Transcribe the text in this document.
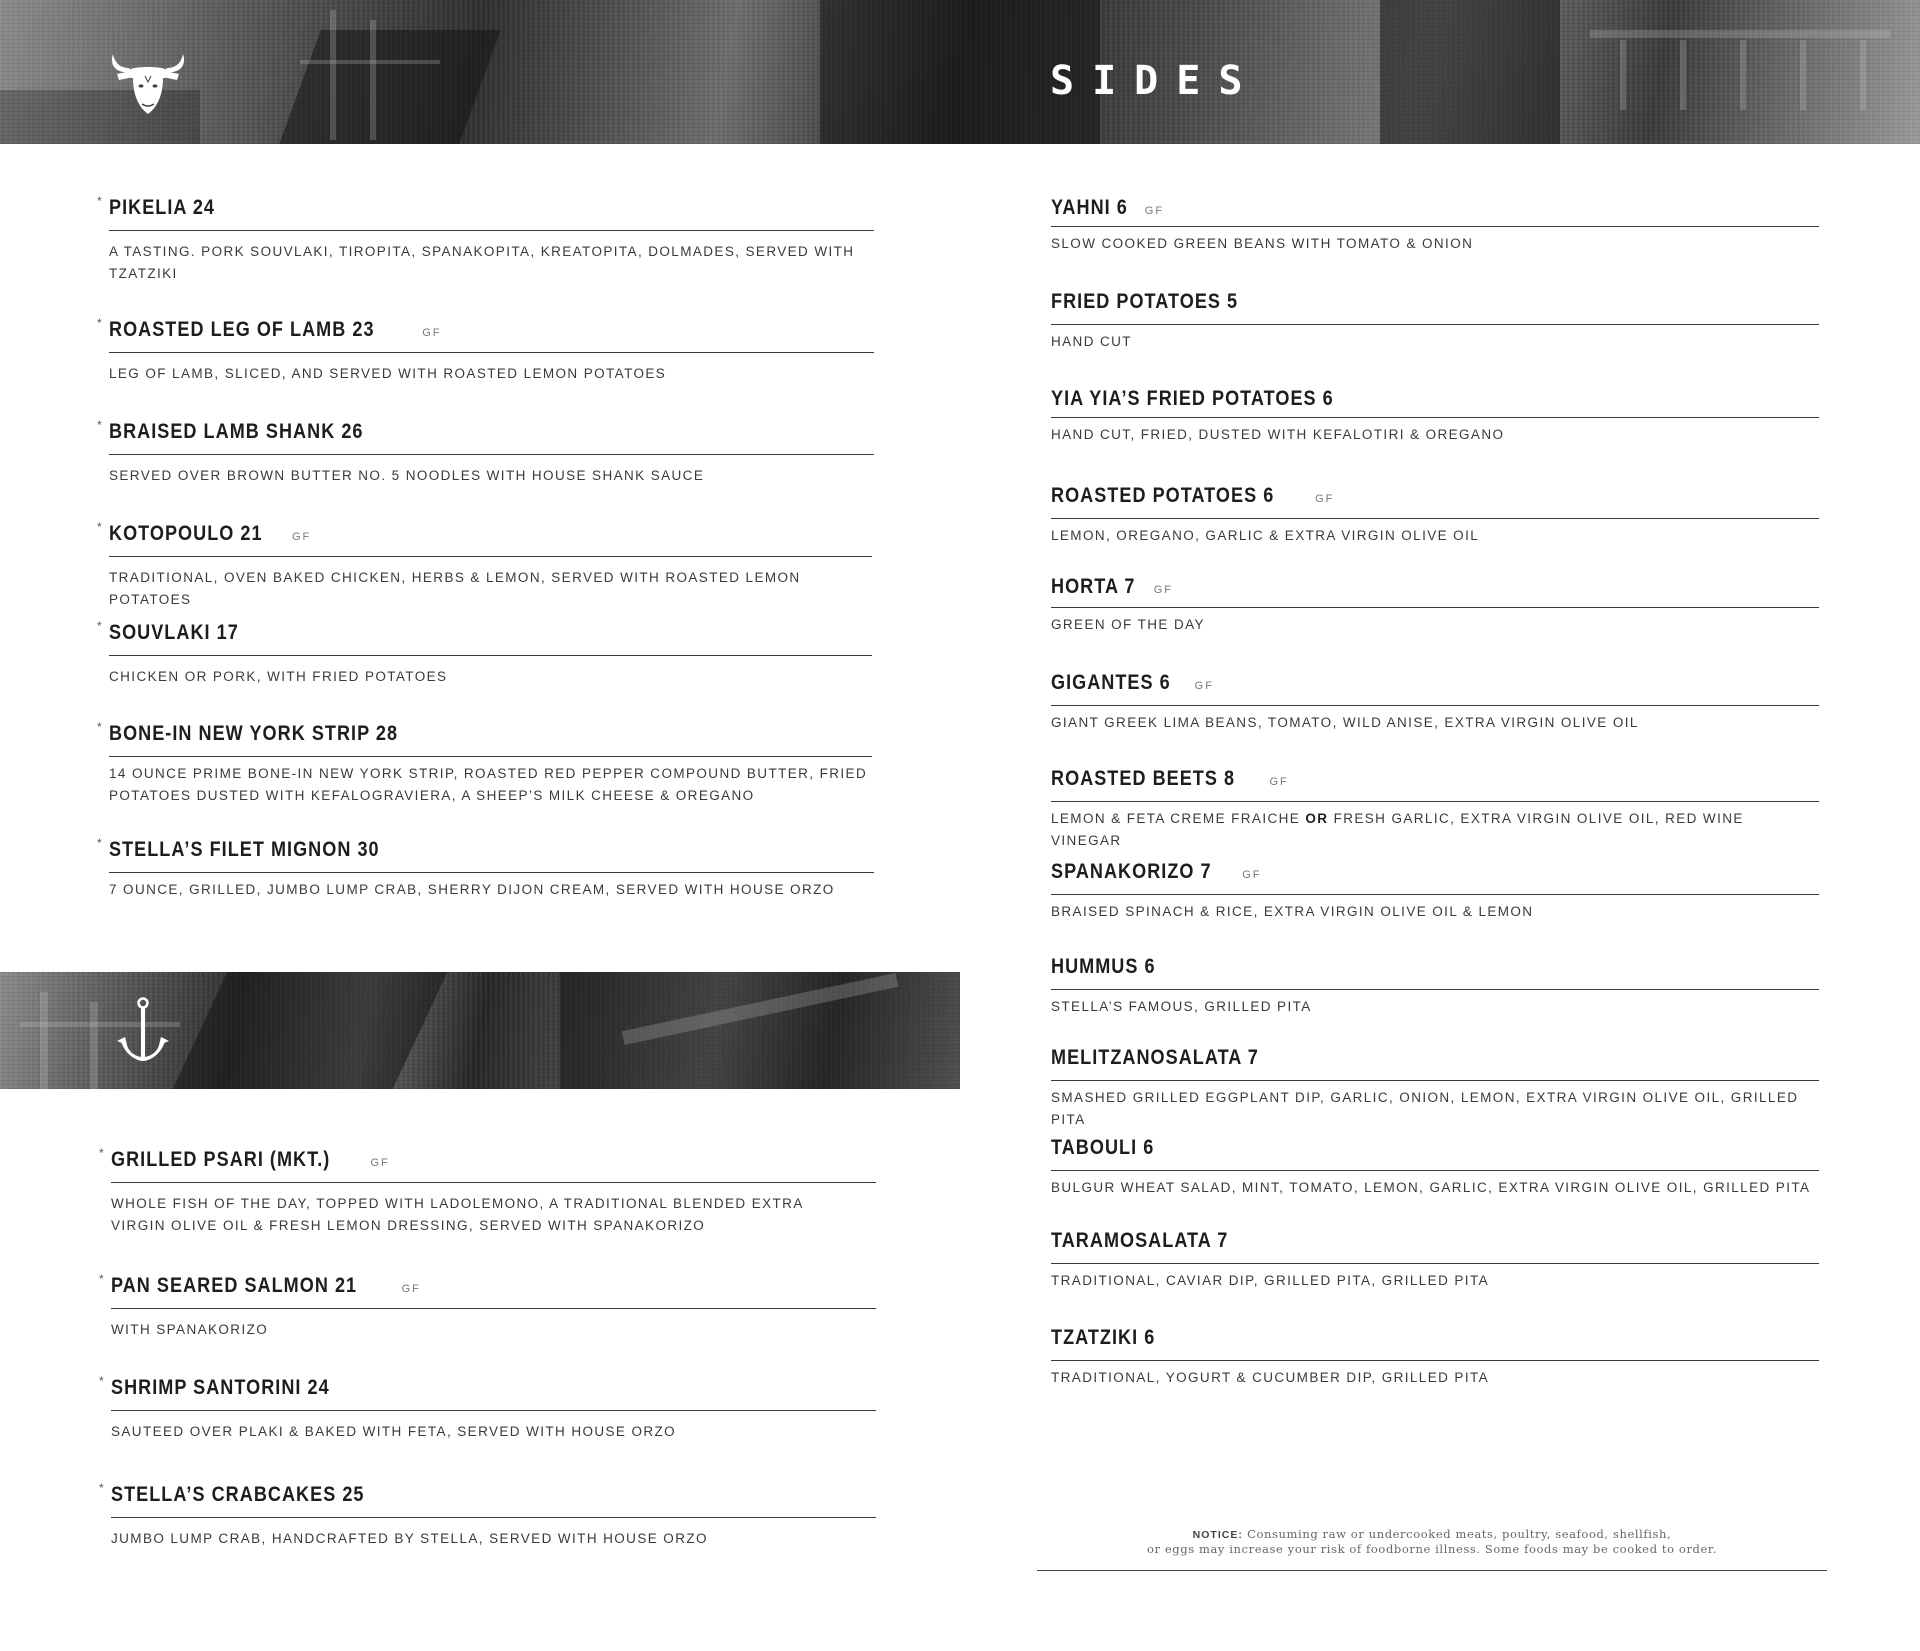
SIDES
* PIKELIA 24
A TASTING. PORK SOUVLAKI, TIROPITA, SPANAKOPITA, KREATOPITA, DOLMADES, SERVED WITH TZATZIKI
* ROASTED LEG OF LAMB 23	GF
LEG OF LAMB, SLICED, AND SERVED WITH ROASTED LEMON POTATOES
* BRAISED LAMB SHANK 26
SERVED OVER BROWN BUTTER NO. 5 NOODLES WITH HOUSE SHANK SAUCE
* KOTOPOULO 21	GF
TRADITIONAL, OVEN BAKED CHICKEN, HERBS & LEMON, SERVED WITH ROASTED LEMON POTATOES
* SOUVLAKI 17
CHICKEN OR PORK, WITH FRIED POTATOES
* BONE-IN NEW YORK STRIP 28
14 OUNCE PRIME BONE-IN NEW YORK STRIP, ROASTED RED PEPPER COMPOUND BUTTER, FRIED POTATOES DUSTED WITH KEFALOGRAVIERA, A SHEEP’S MILK CHEESE & OREGANO
* STELLA’S FILET MIGNON 30
7 OUNCE, GRILLED, JUMBO LUMP CRAB, SHERRY DIJON CREAM, SERVED WITH HOUSE ORZO
* GRILLED PSARI (MKT.)	GF
WHOLE FISH OF THE DAY, TOPPED WITH LADOLEMONO, A TRADITIONAL BLENDED EXTRA VIRGIN OLIVE OIL & FRESH LEMON DRESSING, SERVED WITH SPANAKORIZO
* PAN SEARED SALMON 21	GF
WITH SPANAKORIZO
* SHRIMP SANTORINI 24
SAUTEED OVER PLAKI & BAKED WITH FETA, SERVED WITH HOUSE ORZO
* STELLA’S CRABCAKES 25
JUMBO LUMP CRAB, HANDCRAFTED BY STELLA, SERVED WITH HOUSE ORZO
YAHNI 6 GF
SLOW COOKED GREEN BEANS WITH TOMATO & ONION
FRIED POTATOES 5
HAND CUT
YIA YIA’S FRIED POTATOES 6
HAND CUT, FRIED, DUSTED WITH KEFALOTIRI & OREGANO
ROASTED POTATOES 6	GF
LEMON, OREGANO, GARLIC & EXTRA VIRGIN OLIVE OIL
HORTA 7 GF
GREEN OF THE DAY
GIGANTES 6 GF
GIANT GREEK LIMA BEANS, TOMATO, WILD ANISE, EXTRA VIRGIN OLIVE OIL
ROASTED BEETS 8	GF
LEMON & FETA CREME FRAICHE OR FRESH GARLIC, EXTRA VIRGIN OLIVE OIL, RED WINE VINEGAR
SPANAKORIZO 7	GF
BRAISED SPINACH & RICE, EXTRA VIRGIN OLIVE OIL & LEMON
HUMMUS 6
STELLA’S FAMOUS, GRILLED PITA
MELITZANOSALATA 7
SMASHED GRILLED EGGPLANT DIP, GARLIC, ONION, LEMON, EXTRA VIRGIN OLIVE OIL, GRILLED PITA
TABOULI 6
BULGUR WHEAT SALAD, MINT, TOMATO, LEMON, GARLIC, EXTRA VIRGIN OLIVE OIL, GRILLED PITA
TARAMOSALATA 7
TRADITIONAL, CAVIAR DIP, GRILLED PITA, GRILLED PITA
TZATZIKI 6
TRADITIONAL, YOGURT & CUCUMBER DIP, GRILLED PITA
NOTICE: Consuming raw or undercooked meats, poultry, seafood, shellfish,
or eggs may increase your risk of foodborne illness. Some foods may be cooked to order.
